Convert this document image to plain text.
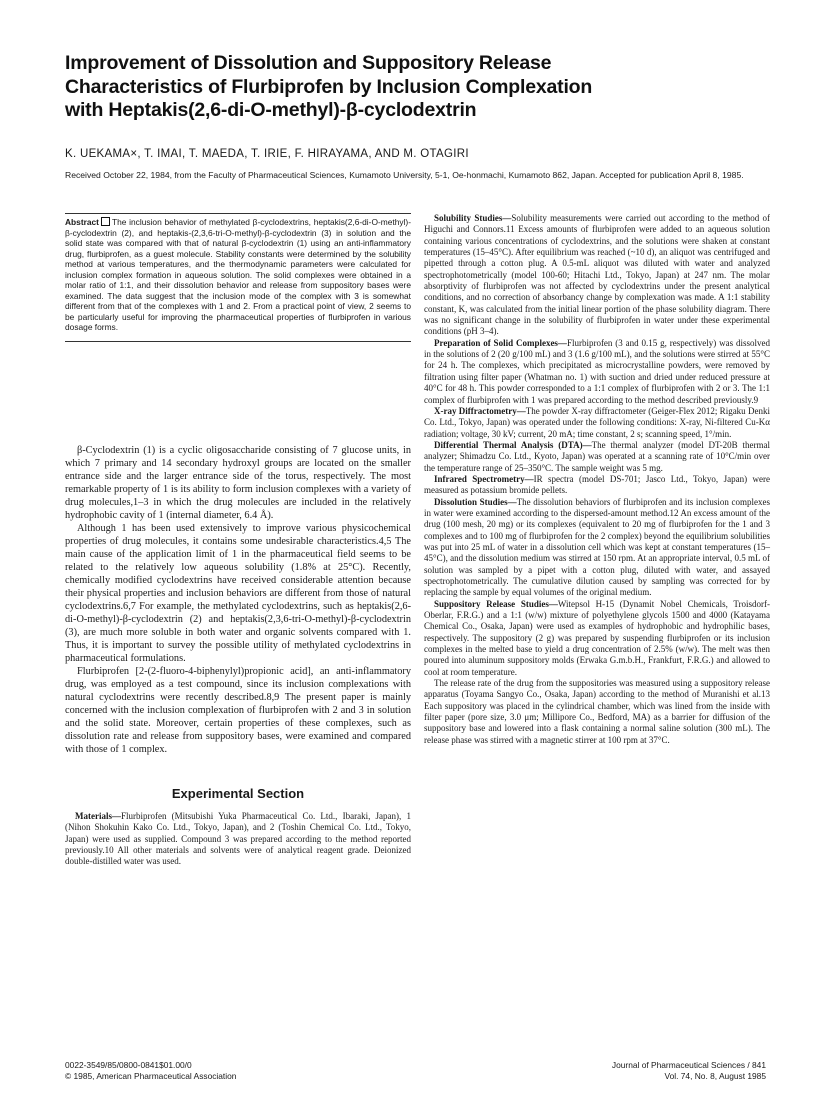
Improvement of Dissolution and Suppository Release
Characteristics of Flurbiprofen by Inclusion Complexation
with Heptakis(2,6-di-O-methyl)-β-cyclodextrin

K. UEKAMA×, T. IMAI, T. MAEDA, T. IRIE, F. HIRAYAMA, AND M. OTAGIRI

Received October 22, 1984, from the Faculty of Pharmaceutical Sciences, Kumamoto University, 5-1, Oe-honmachi, Kumamoto 862, Japan. Accepted for publication April 8, 1985.

Abstract The inclusion behavior of methylated β-cyclodextrins, heptakis(2,6-di-O-methyl)-β-cyclodextrin (2), and heptakis-(2,3,6-tri-O-methyl)-β-cyclodextrin (3) in solution and the solid state was compared with that of natural β-cyclodextrin (1) using an anti-inflammatory drug, flurbiprofen, as a guest molecule. Stability constants were determined by the solubility method at various temperatures, and the thermodynamic parameters were calculated for inclusion complex formation in aqueous solution. The solid complexes were obtained in a molar ratio of 1:1, and their dissolution behavior and release from suppository bases were examined. The data suggest that the inclusion mode of the complex with 3 is somewhat different from that of the complexes with 1 and 2. From a practical point of view, 2 seems to be particularly useful for improving the pharmaceutical properties of flurbiprofen in various dosage forms.

β-Cyclodextrin (1) is a cyclic oligosaccharide consisting of 7 glucose units, in which 7 primary and 14 secondary hydroxyl groups are located on the smaller entrance side and the larger entrance side of the torus, respectively. The most remarkable property of 1 is its ability to form inclusion complexes with a variety of drug molecules,1–3 in which the drug molecules are included in the relatively hydrophobic cavity of 1 (internal diameter, 6.4 Å).

Although 1 has been used extensively to improve various physicochemical properties of drug molecules, it contains some undesirable characteristics.4,5 The main cause of the application limit of 1 in the pharmaceutical field seems to be related to the relatively low aqueous solubility (1.8% at 25°C). Recently, chemically modified cyclodextrins have received considerable attention because their physical properties and inclusion behaviors are different from those of natural cyclodextrins.6,7 For example, the methylated cyclodextrins, such as heptakis(2,6-di-O-methyl)-β-cyclodextrin (2) and heptakis(2,3,6-tri-O-methyl)-β-cyclodextrin (3), are much more soluble in both water and organic solvents compared with 1. Thus, it is important to survey the possible utility of methylated cyclodextrins in pharmaceutical formulations.

Flurbiprofen [2-(2-fluoro-4-biphenylyl)propionic acid], an anti-inflammatory drug, was employed as a test compound, since its inclusion complexations with natural cyclodextrins were recently described.8,9 The present paper is mainly concerned with the inclusion complexation of flurbiprofen with 2 and 3 in solution and the solid state. Moreover, certain properties of these complexes, such as dissolution rate and release from suppository bases, were examined and compared with those of 1 complex.

Experimental Section

Materials—Flurbiprofen (Mitsubishi Yuka Pharmaceutical Co. Ltd., Ibaraki, Japan), 1 (Nihon Shokuhin Kako Co. Ltd., Tokyo, Japan), and 2 (Toshin Chemical Co. Ltd., Tokyo, Japan) were used as supplied. Compound 3 was prepared according to the method reported previously.10 All other materials and solvents were of analytical reagent grade. Deionized double-distilled water was used.

Solubility Studies—Solubility measurements were carried out according to the method of Higuchi and Connors.11 Excess amounts of flurbiprofen were added to an aqueous solution containing various concentrations of cyclodextrins, and the solutions were shaken at constant temperatures (15–45°C). After equilibrium was reached (~10 d), an aliquot was centrifuged and pipetted through a cotton plug. A 0.5-mL aliquot was diluted with water and analyzed spectrophotometrically (model 100-60; Hitachi Ltd., Tokyo, Japan) at 247 nm. The molar absorptivity of flurbiprofen was not affected by cyclodextrins under the present analytical conditions, and no correction of absorbancy change by complexation was made. A 1:1 stability constant, K, was calculated from the initial linear portion of the phase solubility diagram. There was no significant change in the solubility of flurbiprofen in water under these experimental conditions (pH 3–4).

Preparation of Solid Complexes—Flurbiprofen (3 and 0.15 g, respectively) was dissolved in the solutions of 2 (20 g/100 mL) and 3 (1.6 g/100 mL), and the solutions were stirred at 55°C for 24 h. The complexes, which precipitated as microcrystalline powders, were removed by filtration using filter paper (Whatman no. 1) with suction and dried under reduced pressure at 40°C for 48 h. This powder corresponded to a 1:1 complex of flurbiprofen with 2 or 3. The 1:1 complex of flurbiprofen with 1 was prepared according to the method described previously.9

X-ray Diffractometry—The powder X-ray diffractometer (Geiger-Flex 2012; Rigaku Denki Co. Ltd., Tokyo, Japan) was operated under the following conditions: X-ray, Ni-filtered Cu-Kα radiation; voltage, 30 kV; current, 20 mA; time constant, 2 s; scanning speed, 1°/min.

Differential Thermal Analysis (DTA)—The thermal analyzer (model DT-20B thermal analyzer; Shimadzu Co. Ltd., Kyoto, Japan) was operated at a scanning rate of 10°C/min over the temperature range of 25–350°C. The sample weight was 5 mg.

Infrared Spectrometry—IR spectra (model DS-701; Jasco Ltd., Tokyo, Japan) were measured as potassium bromide pellets.

Dissolution Studies—The dissolution behaviors of flurbiprofen and its inclusion complexes in water were examined according to the dispersed-amount method.12 An excess amount of the drug (100 mesh, 20 mg) or its complexes (equivalent to 20 mg of flurbiprofen for the 1 and 3 complexes and to 100 mg of flurbiprofen for the 2 complex) beyond the equilibrium solubilities was put into 25 mL of water in a dissolution cell which was kept at constant temperatures (15–45°C), and the dissolution medium was stirred at 150 rpm. At an appropriate interval, 0.5 mL of solution was sampled by a pipet with a cotton plug, diluted with water, and assayed spectrophotometrically. The cumulative dilution caused by sampling was corrected for by replacing the sample by equal volumes of the original medium.

Suppository Release Studies—Witepsol H-15 (Dynamit Nobel Chemicals, Troisdorf-Oberlar, F.R.G.) and a 1:1 (w/w) mixture of polyethylene glycols 1500 and 4000 (Katayama Chemical Co., Osaka, Japan) were used as examples of hydrophobic and hydrophilic bases, respectively. The suppository (2 g) was prepared by suspending flurbiprofen or its inclusion complexes in the melted base to yield a drug concentration of 2.5% (w/w). The melt was then poured into aluminum suppository molds (Erwaka G.m.b.H., Frankfurt, F.R.G.) and allowed to cool at room temperature.

The release rate of the drug from the suppositories was measured using a suppository release apparatus (Toyama Sangyo Co., Osaka, Japan) according to the method of Muranishi et al.13 Each suppository was placed in the cylindrical chamber, which was lined from the inside with filter paper (pore size, 3.0 μm; Millipore Co., Bedford, MA) as a barrier for diffusion of the suppository base and lowered into a flask containing a normal saline solution (300 mL). The release phase was stirred with a magnetic stirrer at 100 rpm at 37°C.

0022-3549/85/0800-0841$01.00/0
© 1985, American Pharmaceutical Association

Journal of Pharmaceutical Sciences / 841
Vol. 74, No. 8, August 1985
